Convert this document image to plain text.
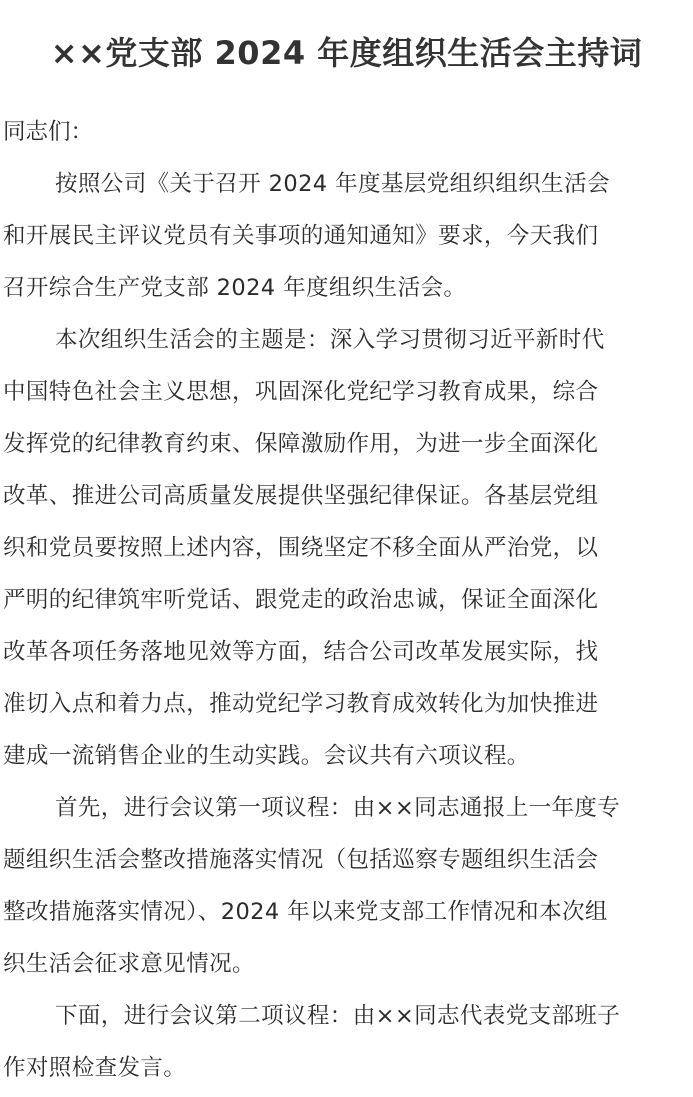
××党支部 2024 年度组织生活会主持词

同志们：

按照公司《关于召开 2024 年度基层党组织组织生活会
和开展民主评议党员有关事项的通知通知》要求，今天我们
召开综合生产党支部 2024 年度组织生活会。

本次组织生活会的主题是：深入学习贯彻习近平新时代
中国特色社会主义思想，巩固深化党纪学习教育成果，综合
发挥党的纪律教育约束、保障激励作用，为进一步全面深化
改革、推进公司高质量发展提供坚强纪律保证。各基层党组
织和党员要按照上述内容，围绕坚定不移全面从严治党，以
严明的纪律筑牢听党话、跟党走的政治忠诚，保证全面深化
改革各项任务落地见效等方面，结合公司改革发展实际，找
准切入点和着力点，推动党纪学习教育成效转化为加快推进
建成一流销售企业的生动实践。会议共有六项议程。

首先，进行会议第一项议程：由××同志通报上一年度专
题组织生活会整改措施落实情况（包括巡察专题组织生活会
整改措施落实情况）、2024 年以来党支部工作情况和本次组
织生活会征求意见情况。

下面，进行会议第二项议程：由××同志代表党支部班子
作对照检查发言。
